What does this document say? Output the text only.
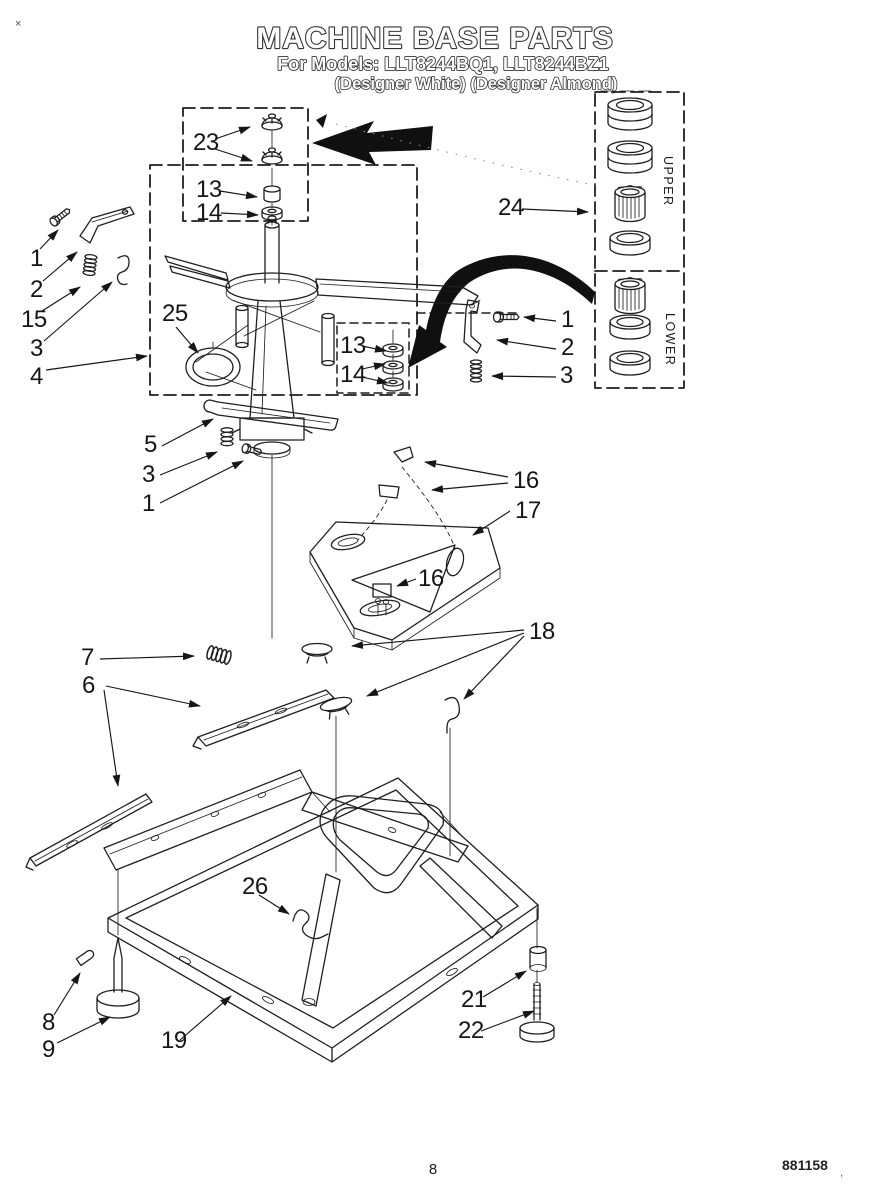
×	MACHINE BASE PARTS
For Models: LLT8244BQ1, LLT8244BZ1
(Designer White) (Designer Almond)
UPPER
LOWER
23
13
14
1
2
15
3
4
25
13
14
1
2
3
24
5
3
1
16
17
16
18
7
6
26
19
21
22
8
9
8	881158 ,
